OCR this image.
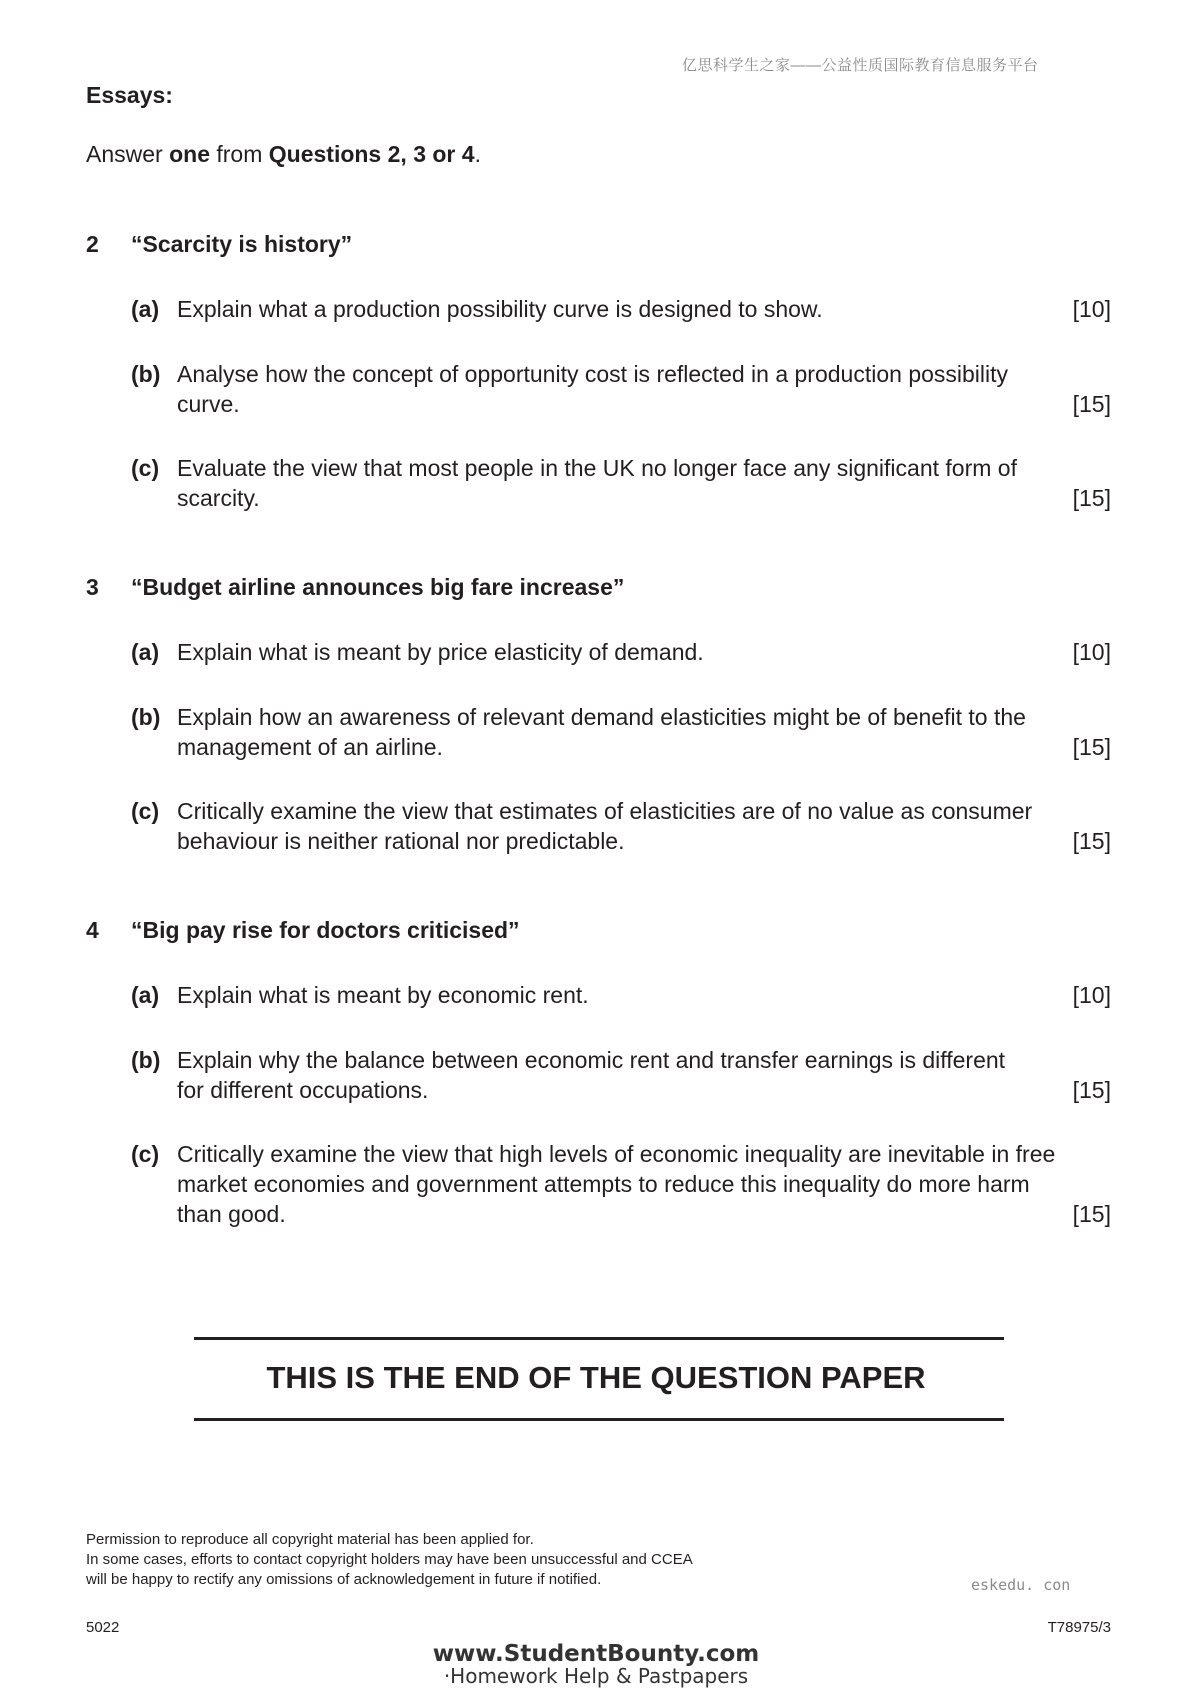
亿思科学生之家——公益性质国际教育信息服务平台
Essays:
Answer one from Questions 2, 3 or 4.
2 “Scarcity is history”
(a) Explain what a production possibility curve is designed to show.	[10]
(b) Analyse how the concept of opportunity cost is reflected in a production possibility curve.	[15]
(c) Evaluate the view that most people in the UK no longer face any significant form of scarcity.	[15]
3 “Budget airline announces big fare increase”
(a) Explain what is meant by price elasticity of demand.	[10]
(b) Explain how an awareness of relevant demand elasticities might be of benefit to the management of an airline.	[15]
(c) Critically examine the view that estimates of elasticities are of no value as consumer behaviour is neither rational nor predictable.	[15]
4 “Big pay rise for doctors criticised”
(a) Explain what is meant by economic rent.	[10]
(b) Explain why the balance between economic rent and transfer earnings is different for different occupations.	[15]
(c) Critically examine the view that high levels of economic inequality are inevitable in free market economies and government attempts to reduce this inequality do more harm than good.	[15]
THIS IS THE END OF THE QUESTION PAPER
Permission to reproduce all copyright material has been applied for.
In some cases, efforts to contact copyright holders may have been unsuccessful and CCEA
will be happy to rectify any omissions of acknowledgement in future if notified.	eskedu. con
5022	T78975/3
www.StudentBounty.com
·Homework Help & Pastpapers
